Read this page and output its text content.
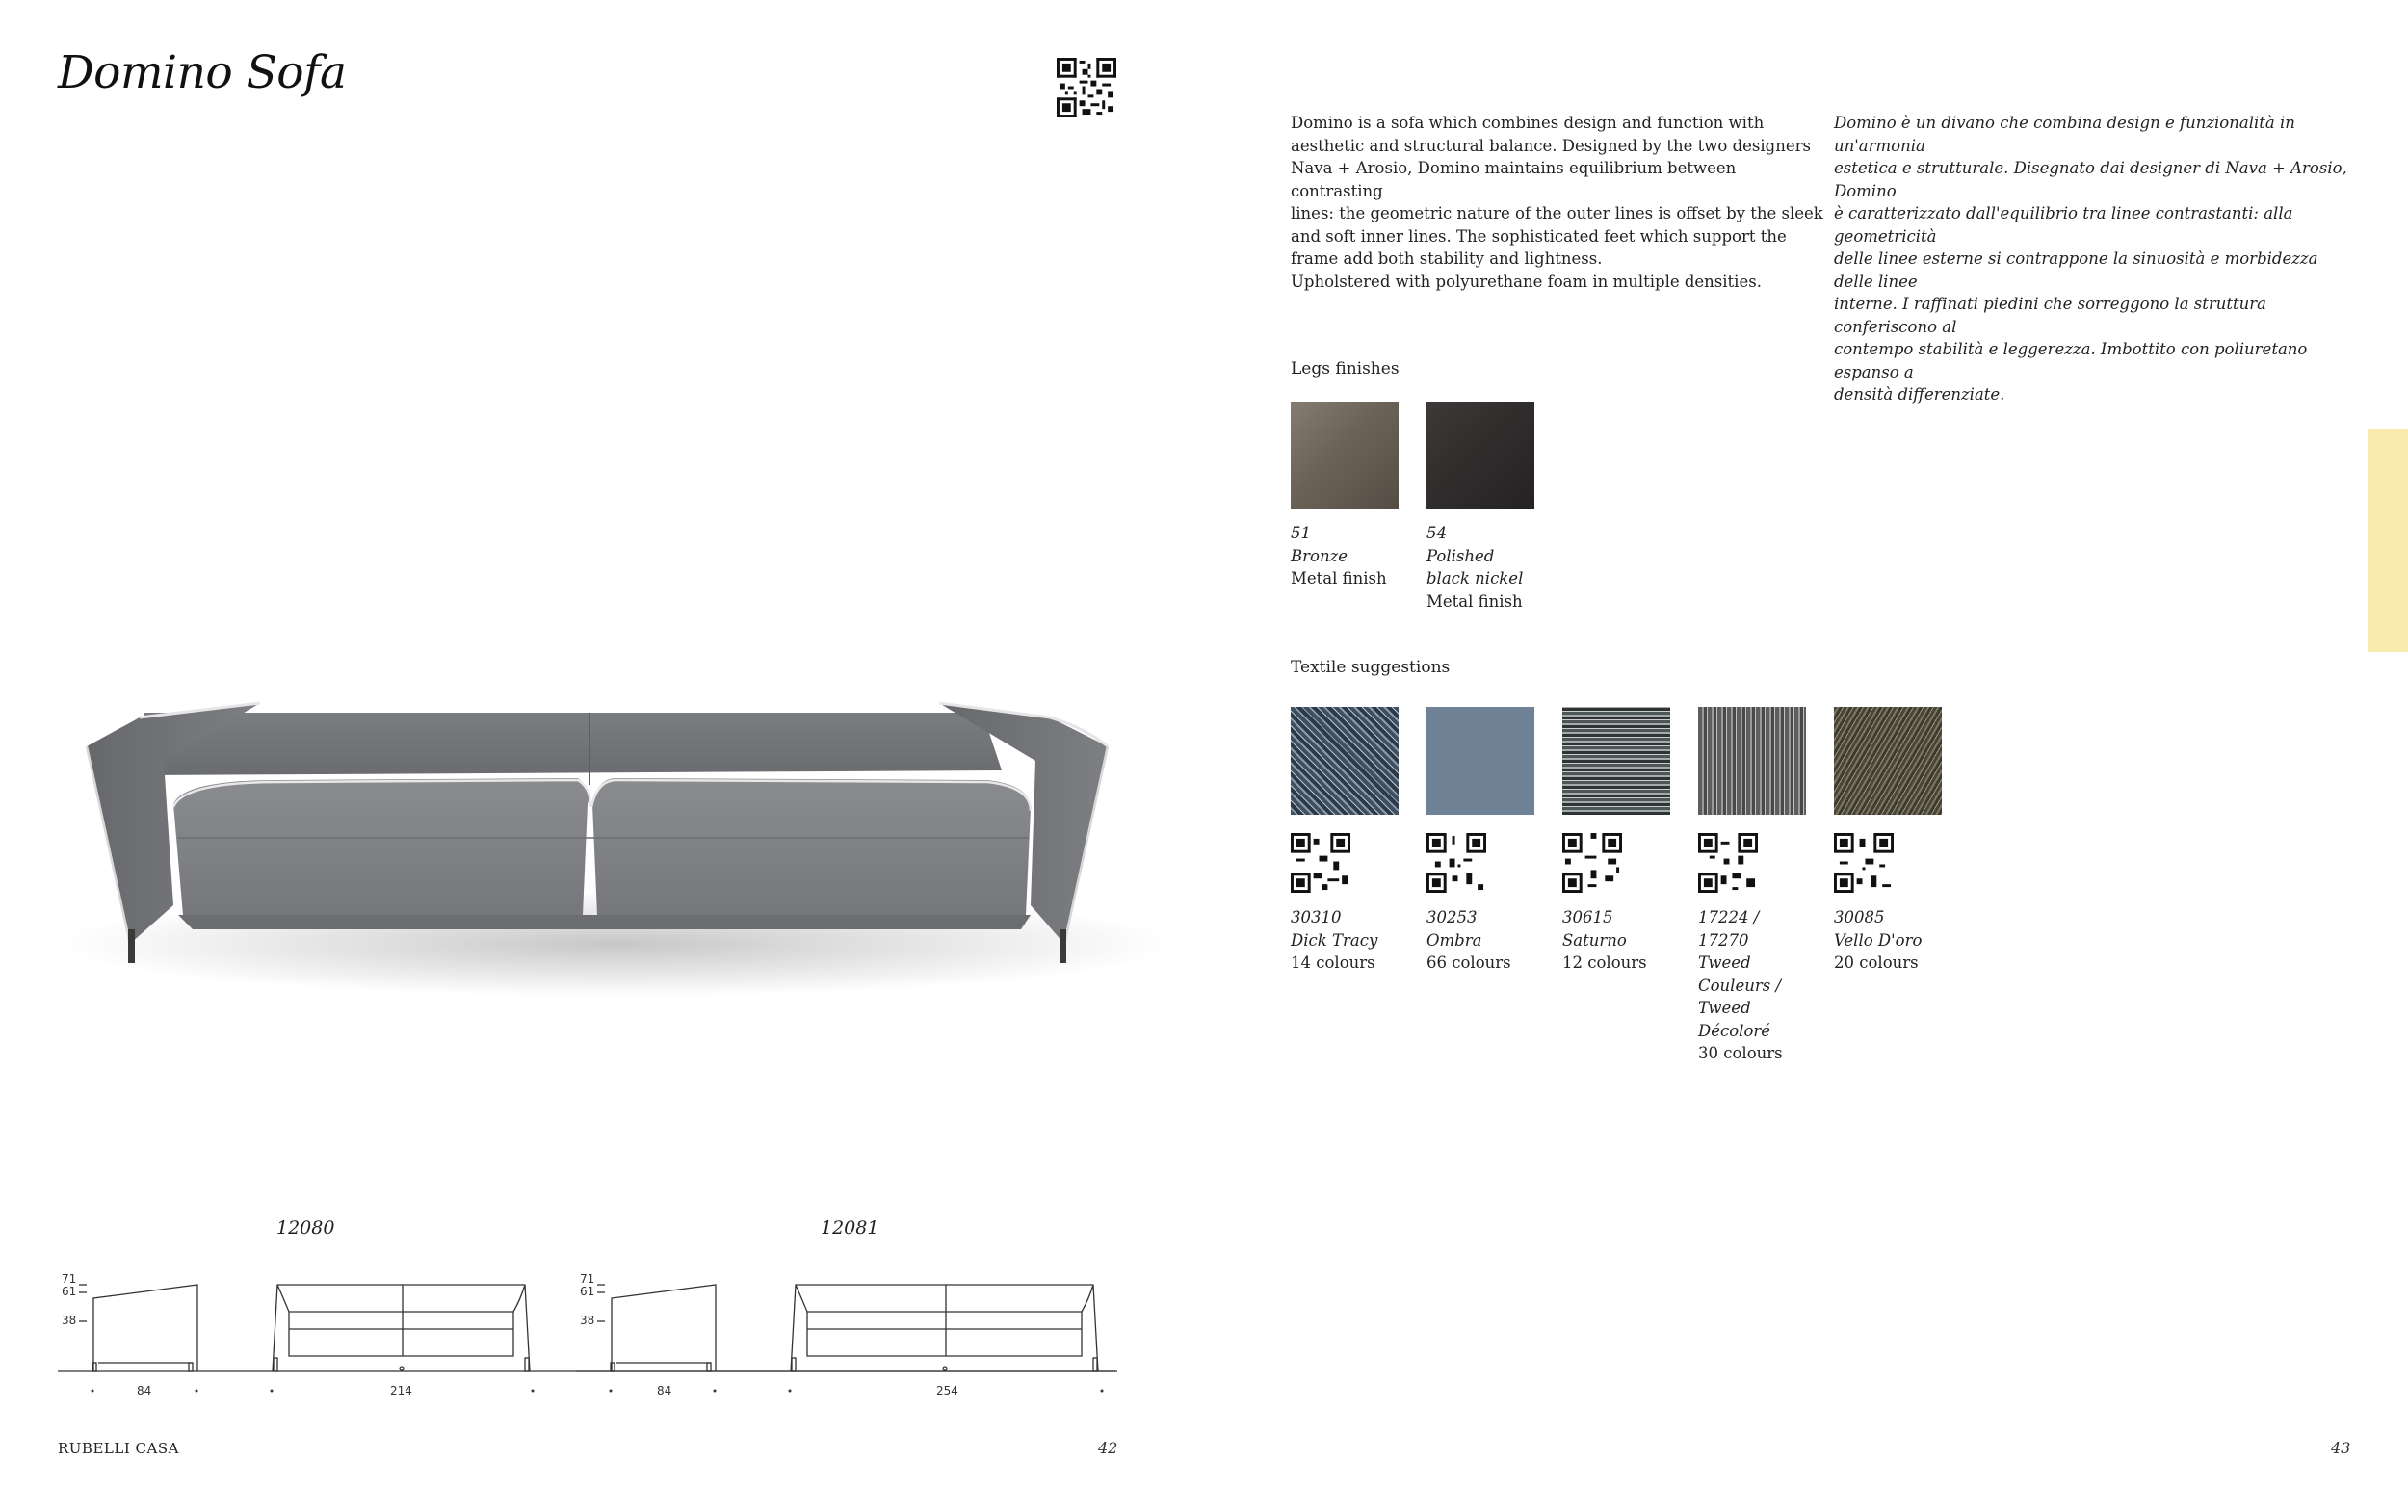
Domino Sofa
Domino is a sofa which combines design and function with
aesthetic and structural balance. Designed by the two designers
Nava + Arosio, Domino maintains equilibrium between contrasting
lines: the geometric nature of the outer lines is offset by the sleek
and soft inner lines. The sophisticated feet which support the
frame add both stability and lightness.
Upholstered with polyurethane foam in multiple densities.
Domino è un divano che combina design e funzionalità in un'armonia
estetica e strutturale. Disegnato dai designer di Nava + Arosio, Domino
è caratterizzato dall'equilibrio tra linee contrastanti: alla geometricità
delle linee esterne si contrappone la sinuosità e morbidezza delle linee
interne. I raffinati piedini che sorreggono la struttura conferiscono al
contempo stabilità e leggerezza. Imbottito con poliuretano espanso a
densità differenziate.
Legs finishes
51
Bronze
Metal finish
54
Polished black nickel
Metal finish
Textile suggestions
30310
Dick Tracy
14 colours
30253
Ombra
66 colours
30615
Saturno
12 colours
17224 / 17270
Tweed Couleurs / Tweed Décoloré
30 colours
30085
Vello D'oro
20 colours
12080
71
61
38
84	214
12081
71
61
38
84	254
RUBELLI CASA	42	43
